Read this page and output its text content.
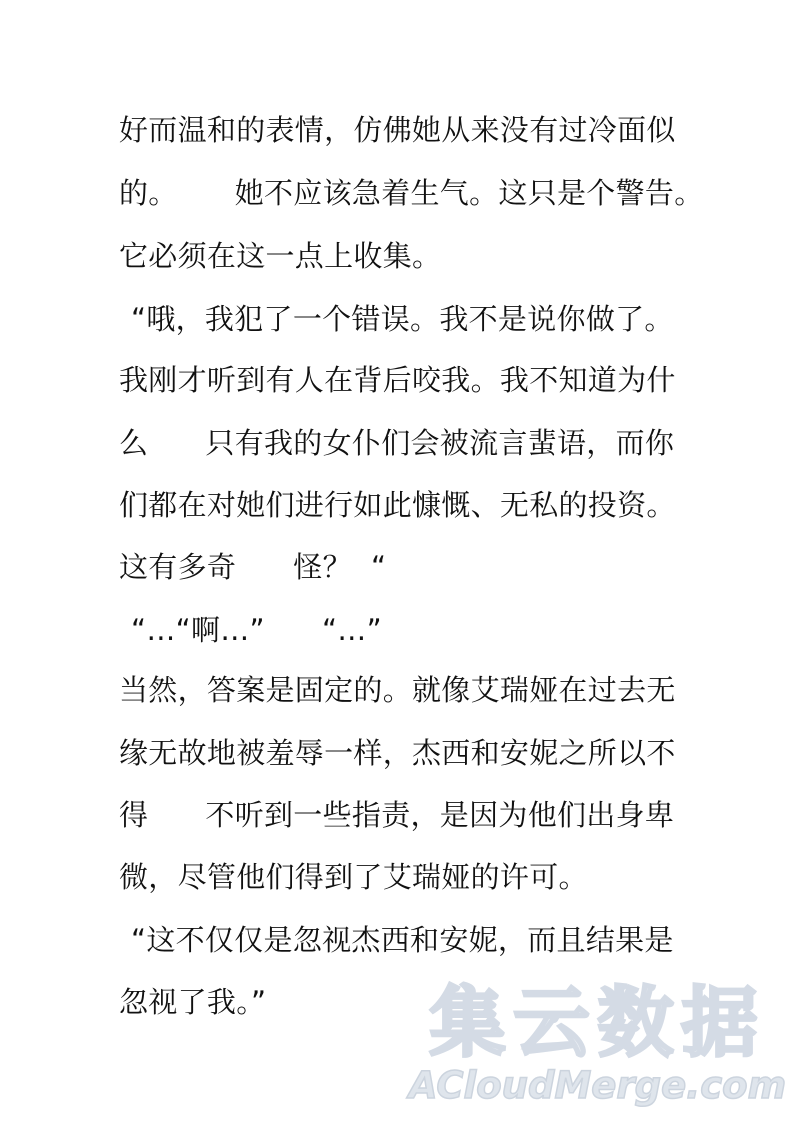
好而温和的表情，仿佛她从来没有过冷面似
的。      她不应该急着生气。这只是个警告。
它必须在这一点上收集。
“哦，我犯了一个错误。我不是说你做了。
我刚才听到有人在背后咬我。我不知道为什
么      只有我的女仆们会被流言蜚语，而你
们都在对她们进行如此慷慨、无私的投资。
这有多奇      怪？  “
“…“啊…”      “…”
当然，答案是固定的。就像艾瑞娅在过去无
缘无故地被羞辱一样，杰西和安妮之所以不
得      不听到一些指责，是因为他们出身卑
微，尽管他们得到了艾瑞娅的许可。
“这不仅仅是忽视杰西和安妮，而且结果是
忽视了我。”	集云数据
ACloudMerge.com
